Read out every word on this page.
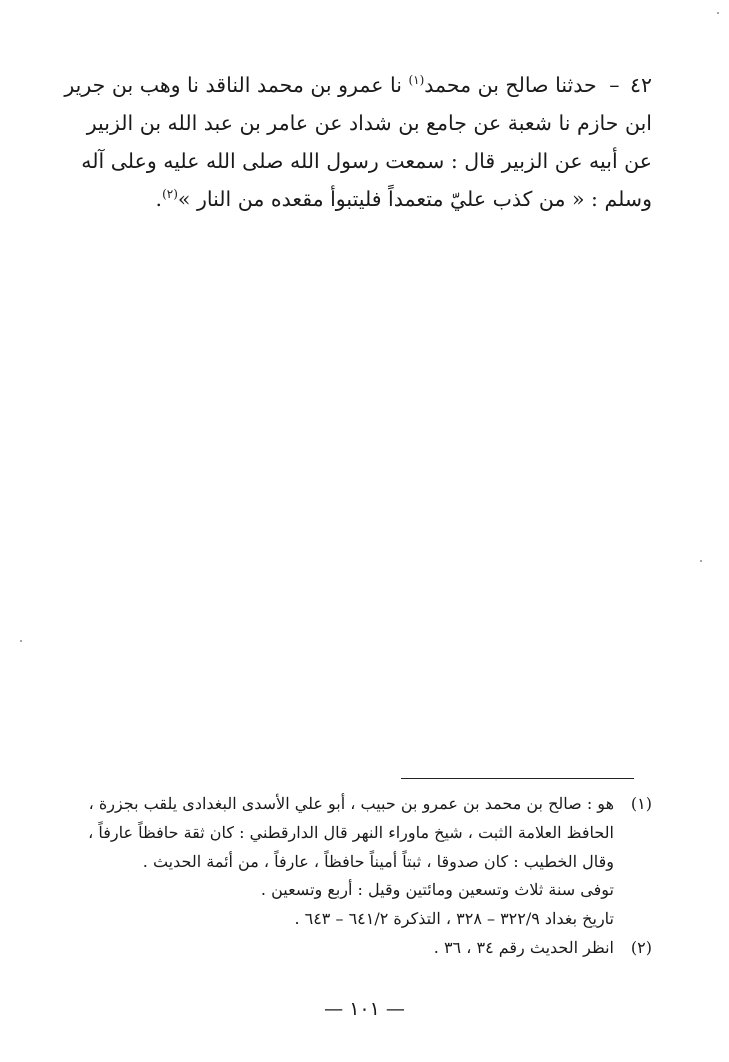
٤٢ – حدثنا صالح بن محمد$^{(١)}$ نا عمرو بن محمد الناقد نا وهب بن جرير
ابن حازم نا شعبة عن جامع بن شداد عن عامر بن عبد الله بن الزبير
عن أبيه عن الزبير قال : سمعت رسول الله صلى الله عليه وعلى آله
وسلم : « من كذب عليّ متعمداً فليتبوأ مقعده من النار »$^{(٢)}$.
(١)
هو : صالح بن محمد بن عمرو بن حبيب ، أبو علي الأسدى البغدادى يلقب بجزرة ،
الحافظ العلامة الثبت ، شيخ ماوراء النهر قال الدارقطني : كان ثقة حافظاً عارفاً ،
وقال الخطيب : كان صدوقا ، ثبتاً أميناً حافظاً ، عارفاً ، من أئمة الحديث .
توفى سنة ثلاث وتسعين ومائتين وقيل : أربع وتسعين .
تاريخ بغداد ٣٢٢/٩ – ٣٢٨ ، التذكرة ٦٤١/٢ – ٦٤٣ .
(٢)
انظر الحديث رقم ٣٤ ، ٣٦ .
— ١٠١ —
